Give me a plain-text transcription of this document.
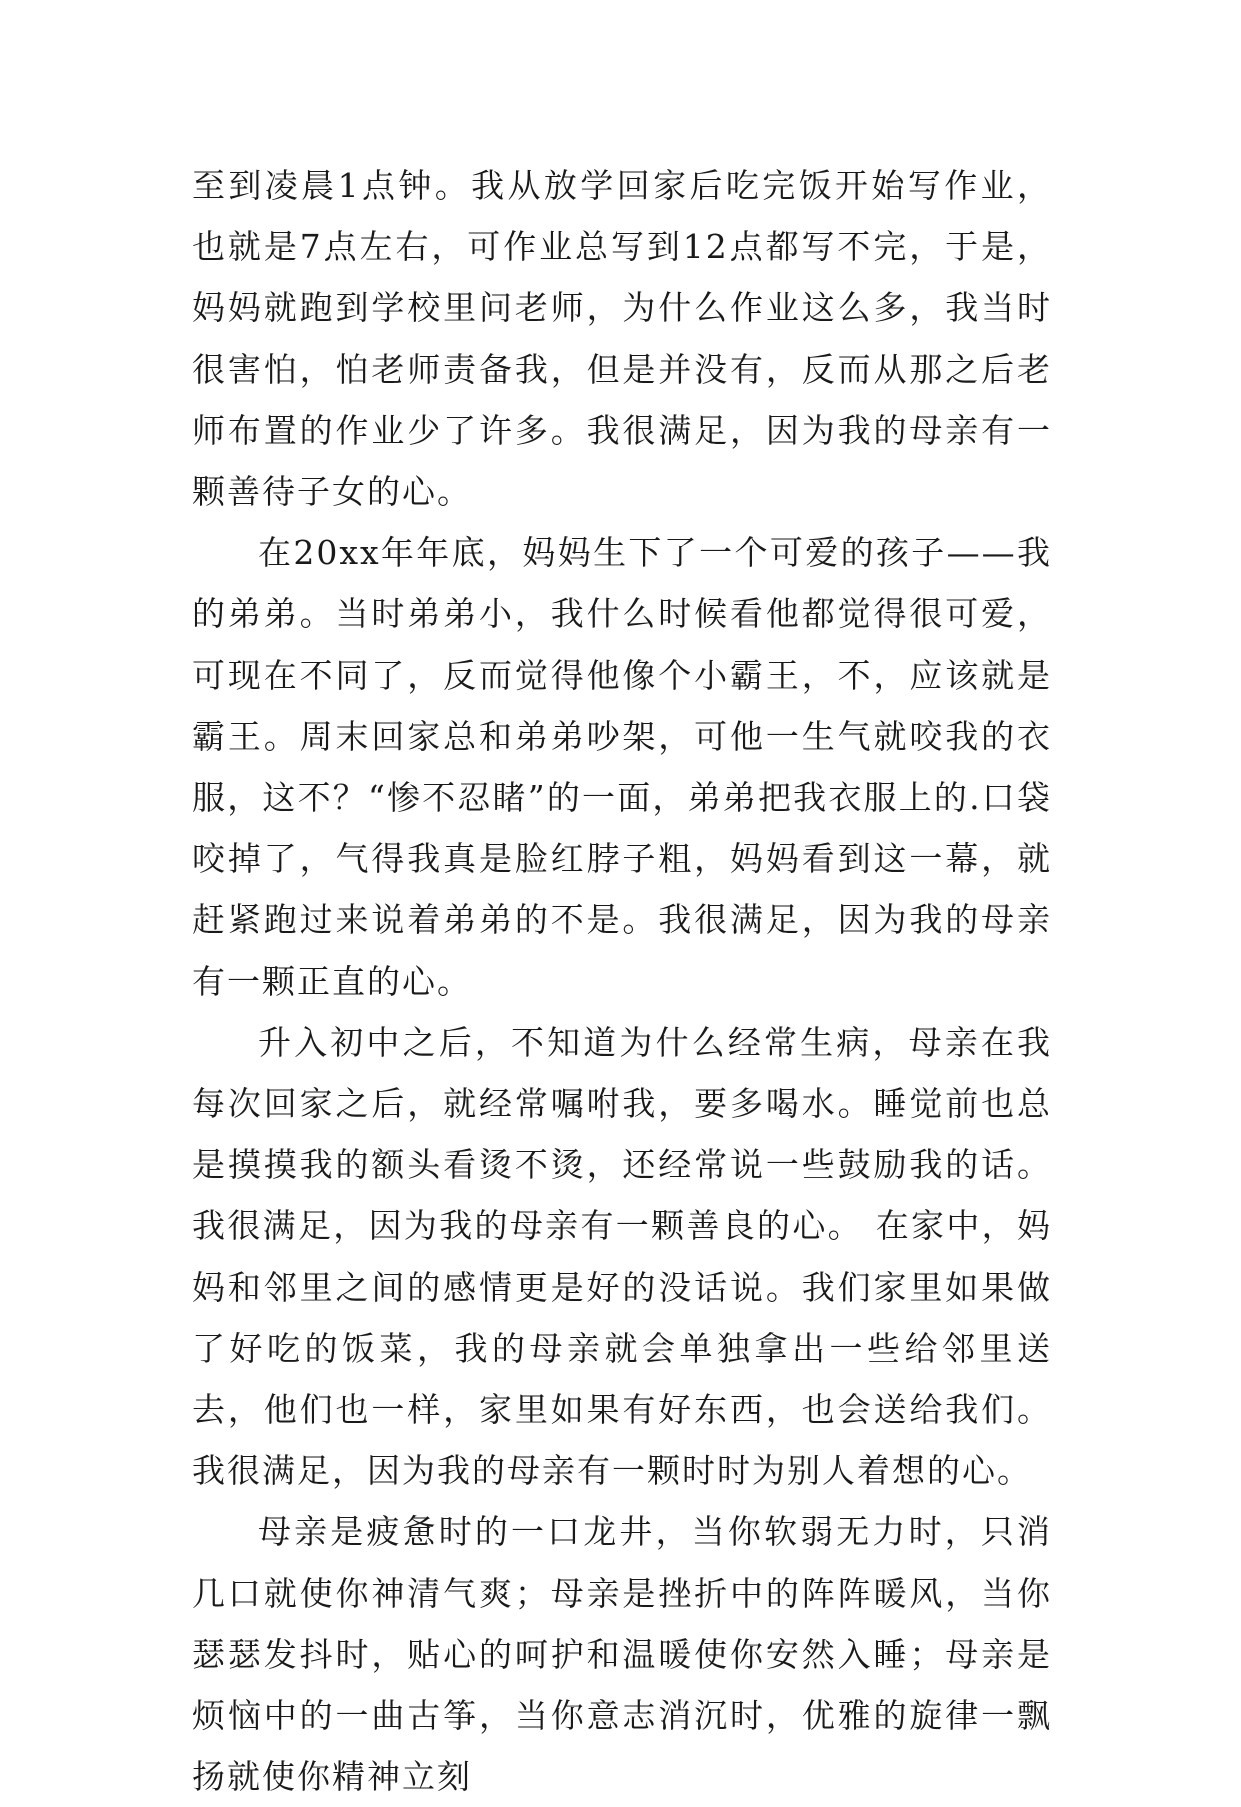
至到凌晨1点钟。我从放学回家后吃完饭开始写作业，也就是7点左右，可作业总写到12点都写不完，于是，妈妈就跑到学校里问老师，为什么作业这么多，我当时很害怕，怕老师责备我，但是并没有，反而从那之后老师布置的作业少了许多。我很满足，因为我的母亲有一颗善待子女的心。

在20xx年年底，妈妈生下了一个可爱的孩子——我的弟弟。当时弟弟小，我什么时候看他都觉得很可爱，可现在不同了，反而觉得他像个小霸王，不，应该就是霸王。周末回家总和弟弟吵架，可他一生气就咬我的衣服，这不？“惨不忍睹”的一面，弟弟把我衣服上的.口袋咬掉了，气得我真是脸红脖子粗，妈妈看到这一幕，就赶紧跑过来说着弟弟的不是。我很满足，因为我的母亲有一颗正直的心。

升入初中之后，不知道为什么经常生病，母亲在我每次回家之后，就经常嘱咐我，要多喝水。睡觉前也总是摸摸我的额头看烫不烫，还经常说一些鼓励我的话。我很满足，因为我的母亲有一颗善良的心。 在家中，妈妈和邻里之间的感情更是好的没话说。我们家里如果做了好吃的饭菜，我的母亲就会单独拿出一些给邻里送去，他们也一样，家里如果有好东西，也会送给我们。我很满足，因为我的母亲有一颗时时为别人着想的心。

母亲是疲惫时的一口龙井，当你软弱无力时，只消几口就使你神清气爽；母亲是挫折中的阵阵暖风，当你瑟瑟发抖时，贴心的呵护和温暖使你安然入睡；母亲是烦恼中的一曲古筝，当你意志消沉时，优雅的旋律一飘扬就使你精神立刻
